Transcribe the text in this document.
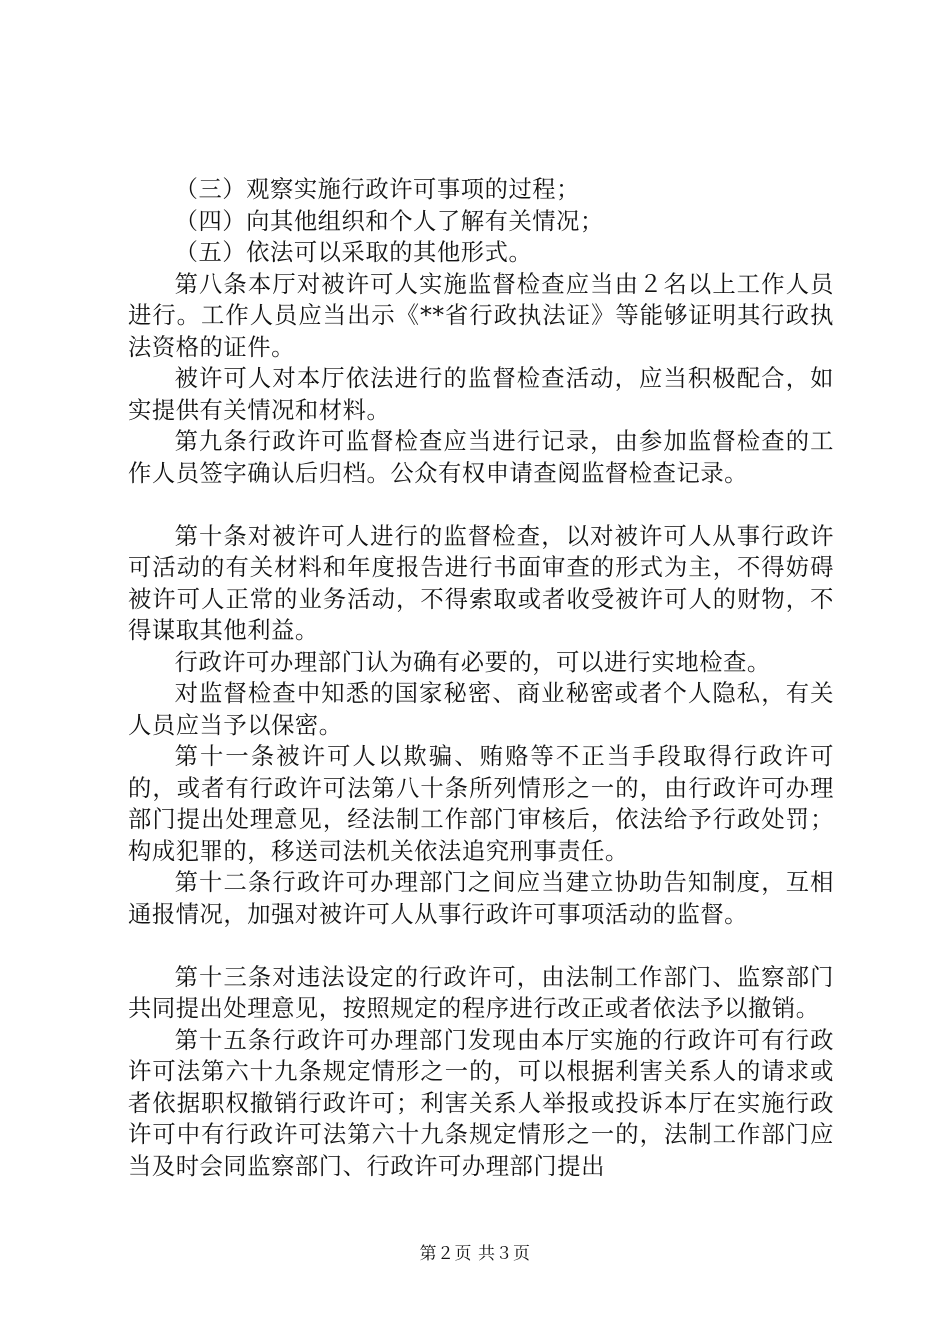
（三）观察实施行政许可事项的过程；

（四）向其他组织和个人了解有关情况；

（五）依法可以采取的其他形式。

第八条本厅对被许可人实施监督检查应当由２名以上工作人员进行。工作人员应当出示《**省行政执法证》等能够证明其行政执法资格的证件。

被许可人对本厅依法进行的监督检查活动，应当积极配合，如实提供有关情况和材料。

第九条行政许可监督检查应当进行记录，由参加监督检查的工作人员签字确认后归档。公众有权申请查阅监督检查记录。

第十条对被许可人进行的监督检查，以对被许可人从事行政许可活动的有关材料和年度报告进行书面审查的形式为主，不得妨碍被许可人正常的业务活动，不得索取或者收受被许可人的财物，不得谋取其他利益。

行政许可办理部门认为确有必要的，可以进行实地检查。

对监督检查中知悉的国家秘密、商业秘密或者个人隐私，有关人员应当予以保密。

第十一条被许可人以欺骗、贿赂等不正当手段取得行政许可的，或者有行政许可法第八十条所列情形之一的，由行政许可办理部门提出处理意见，经法制工作部门审核后，依法给予行政处罚；构成犯罪的，移送司法机关依法追究刑事责任。

第十二条行政许可办理部门之间应当建立协助告知制度，互相通报情况，加强对被许可人从事行政许可事项活动的监督。

第十三条对违法设定的行政许可，由法制工作部门、监察部门共同提出处理意见，按照规定的程序进行改正或者依法予以撤销。

第十五条行政许可办理部门发现由本厅实施的行政许可有行政许可法第六十九条规定情形之一的，可以根据利害关系人的请求或者依据职权撤销行政许可；利害关系人举报或投诉本厅在实施行政许可中有行政许可法第六十九条规定情形之一的，法制工作部门应当及时会同监察部门、行政许可办理部门提出

第２页 共３页
